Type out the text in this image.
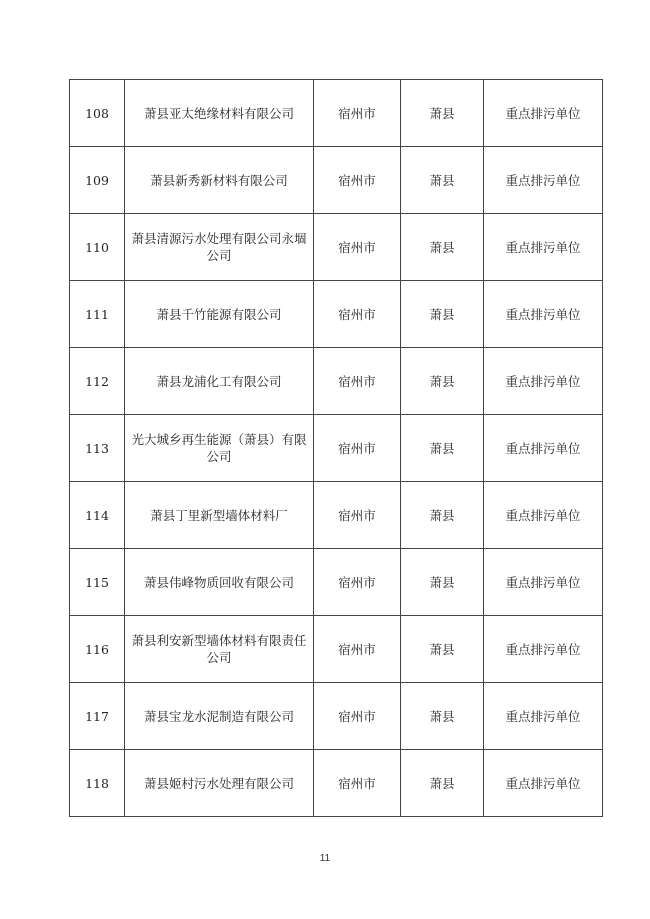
108	萧县亚太绝缘材料有限公司	宿州市	萧县	重点排污单位
109	萧县新秀新材料有限公司	宿州市	萧县	重点排污单位
110	萧县清源污水处理有限公司永堌公司	宿州市	萧县	重点排污单位
111	萧县千竹能源有限公司	宿州市	萧县	重点排污单位
112	萧县龙浦化工有限公司	宿州市	萧县	重点排污单位
113	光大城乡再生能源（萧县）有限公司	宿州市	萧县	重点排污单位
114	萧县丁里新型墙体材料厂	宿州市	萧县	重点排污单位
115	萧县伟峰物质回收有限公司	宿州市	萧县	重点排污单位
116	萧县利安新型墙体材料有限责任公司	宿州市	萧县	重点排污单位
117	萧县宝龙水泥制造有限公司	宿州市	萧县	重点排污单位
118	萧县姬村污水处理有限公司	宿州市	萧县	重点排污单位
11
